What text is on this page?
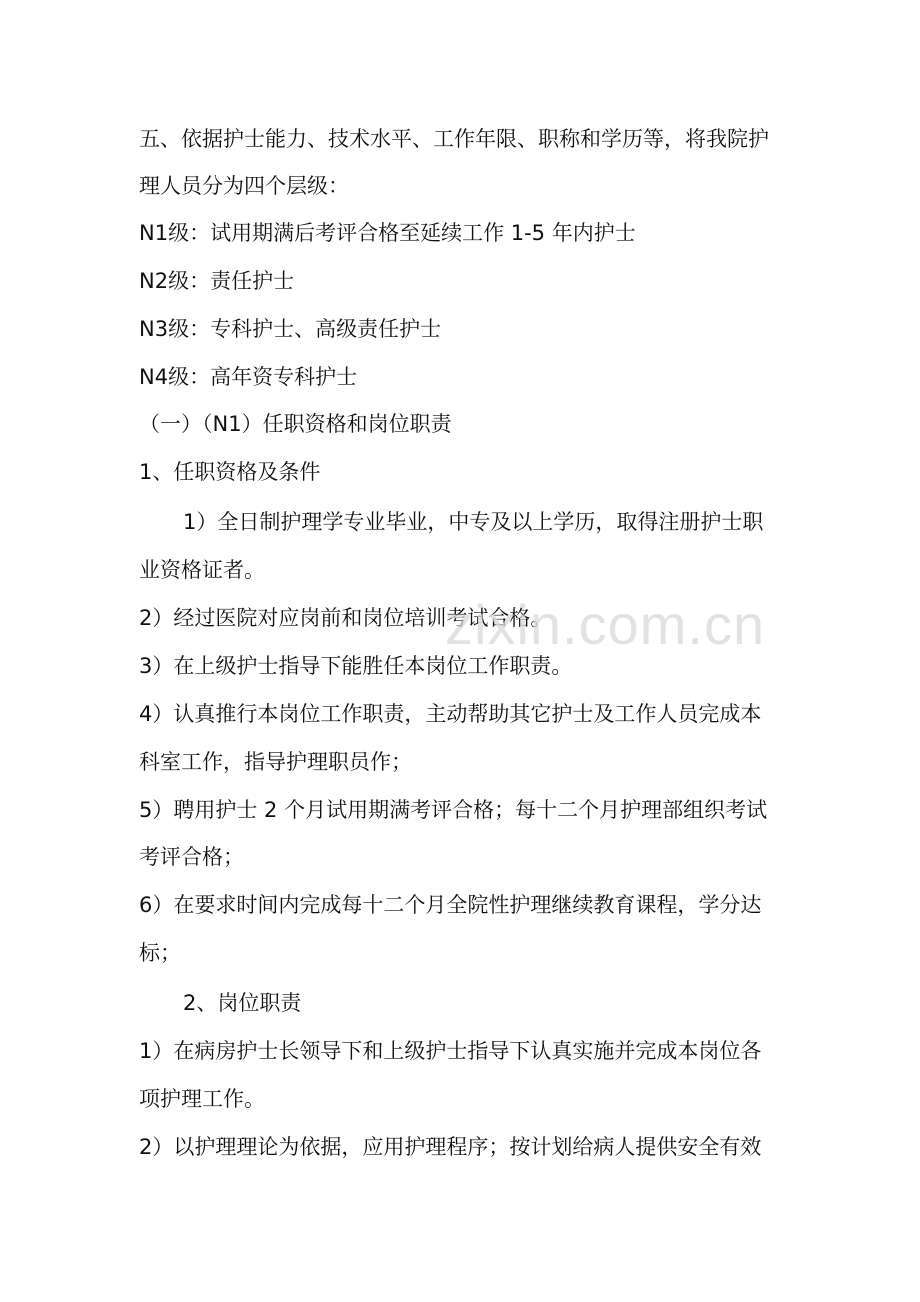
五、依据护士能力、技术水平、工作年限、职称和学历等，将我院护
理人员分为四个层级：
N1级：试用期满后考评合格至延续工作 1-5 年内护士
N2级：责任护士
N3级：专科护士、高级责任护士
N4级：高年资专科护士
（一）（N1）任职资格和岗位职责
1、任职资格及条件
1）全日制护理学专业毕业，中专及以上学历，取得注册护士职
业资格证者。
2）经过医院对应岗前和岗位培训考试合格。
3）在上级护士指导下能胜任本岗位工作职责。
4）认真推行本岗位工作职责，主动帮助其它护士及工作人员完成本
科室工作，指导护理职员作；
5）聘用护士 2 个月试用期满考评合格；每十二个月护理部组织考试
考评合格；
6）在要求时间内完成每十二个月全院性护理继续教育课程，学分达
标；
2、岗位职责
1）在病房护士长领导下和上级护士指导下认真实施并完成本岗位各
项护理工作。
2）以护理理论为依据，应用护理程序；按计划给病人提供安全有效
zixin.com.cn
